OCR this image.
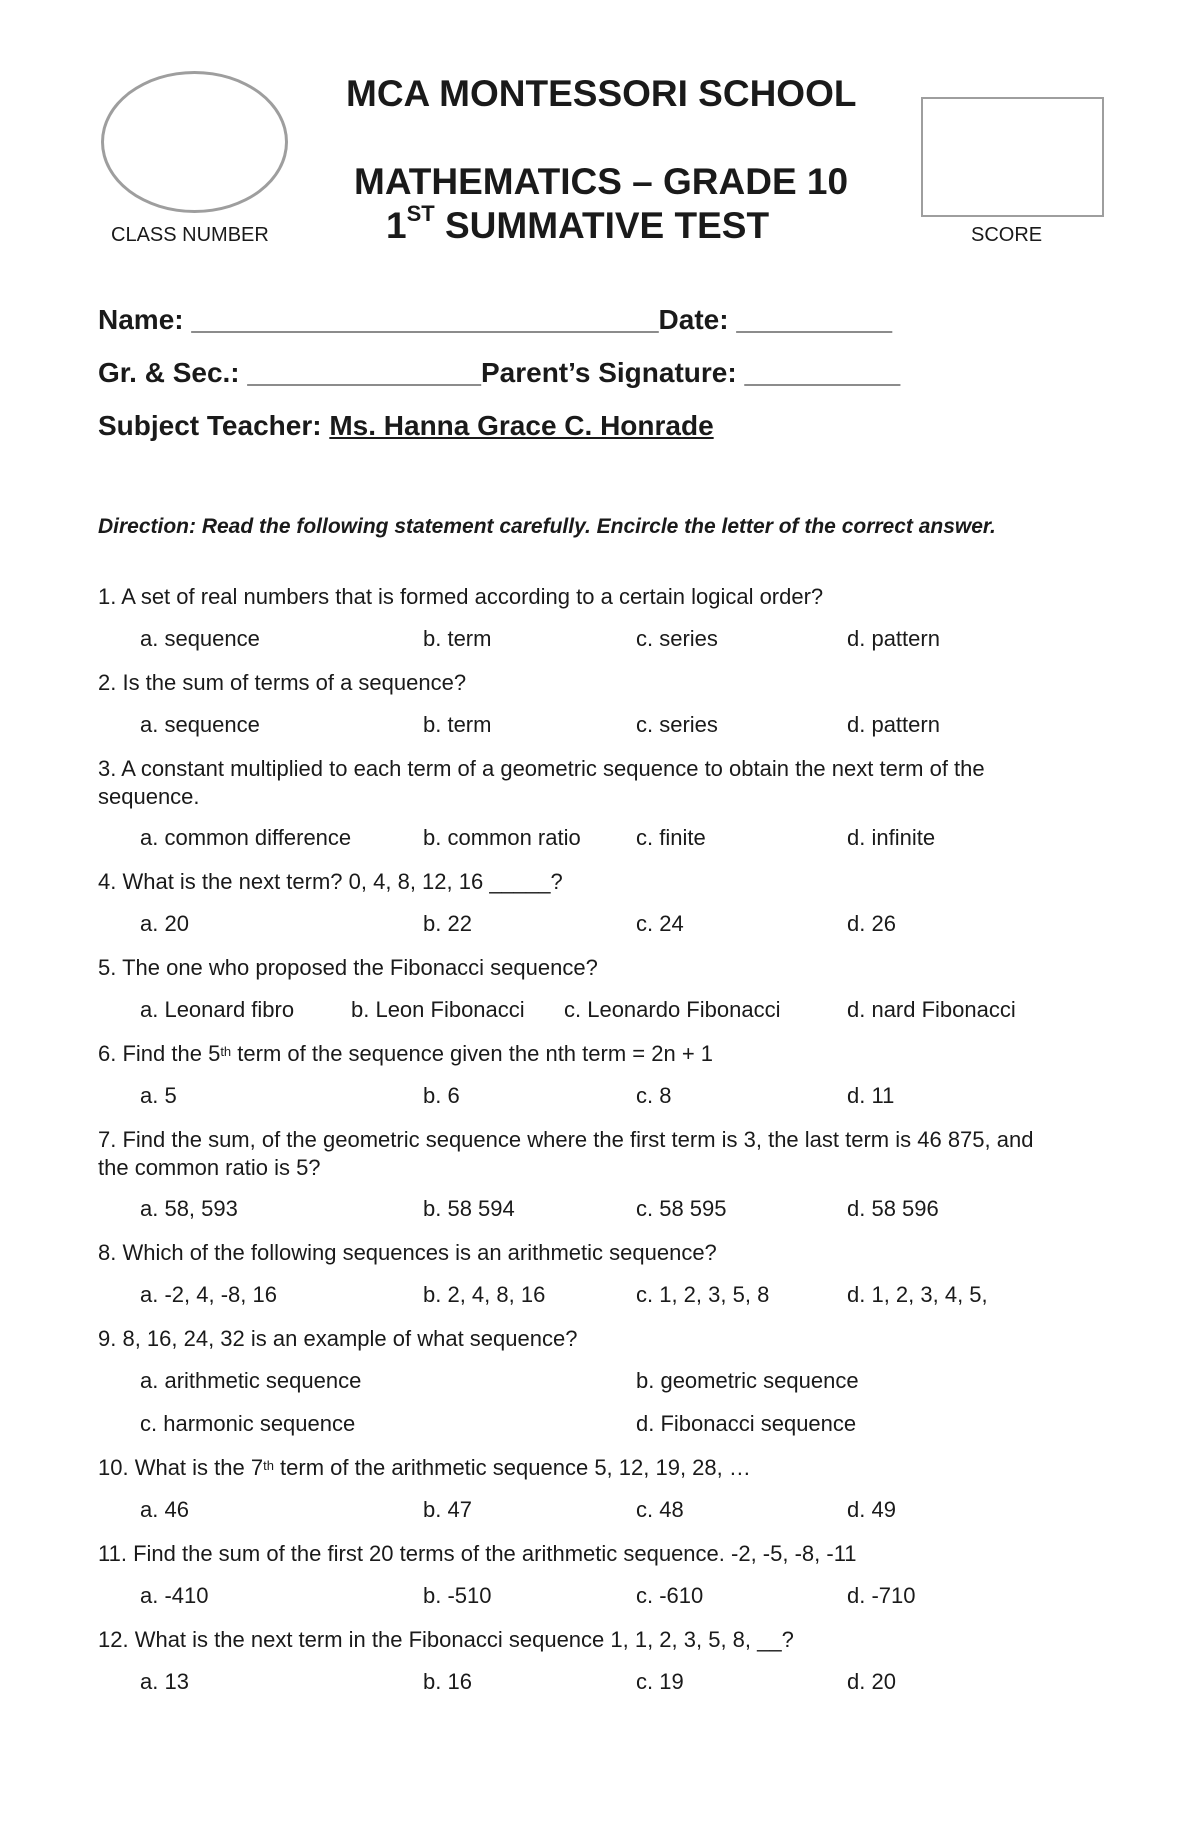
CLASS NUMBER
MCA MONTESSORI SCHOOL
MATHEMATICS – GRADE 10
1ST SUMMATIVE TEST	SCORE
Name: ______________________________Date: __________
Gr. & Sec.: _______________Parent’s Signature: __________
Subject Teacher: Ms. Hanna Grace C. Honrade
Direction: Read the following statement carefully. Encircle the letter of the correct answer.
1. A set of real numbers that is formed according to a certain logical order?
a. sequence	b. term	c. series	d. pattern
2. Is the sum of terms of a sequence?
a. sequence	b. term	c. series	d. pattern
3. A constant multiplied to each term of a geometric sequence to obtain the next term of the sequence.
a. common difference	b. common ratio	c. finite	d. infinite
4. What is the next term? 0, 4, 8, 12, 16 _____?
a. 20	b. 22	c. 24	d. 26
5. The one who proposed the Fibonacci sequence?
a. Leonard fibro	b. Leon Fibonacci c. Leonardo Fibonacci	d. nard Fibonacci
6. Find the 5th term of the sequence given the nth term = 2n + 1
a. 5	b. 6	c. 8	d. 11
7. Find the sum, of the geometric sequence where the first term is 3, the last term is 46 875, and the common ratio is 5?
a. 58, 593	b. 58 594	c. 58 595	d. 58 596
8. Which of the following sequences is an arithmetic sequence?
a. -2, 4, -8, 16	b. 2, 4, 8, 16	c. 1, 2, 3, 5, 8	d. 1, 2, 3, 4, 5,
9. 8, 16, 24, 32 is an example of what sequence?
a. arithmetic sequence	b. geometric sequence
c. harmonic sequence	d. Fibonacci sequence
10. What is the 7th term of the arithmetic sequence 5, 12, 19, 28, …
a. 46	b. 47	c. 48	d. 49
11. Find the sum of the first 20 terms of the arithmetic sequence. -2, -5, -8, -11
a. -410	b. -510	c. -610	d. -710
12. What is the next term in the Fibonacci sequence 1, 1, 2, 3, 5, 8, __?
a. 13	b. 16	c. 19	d. 20
